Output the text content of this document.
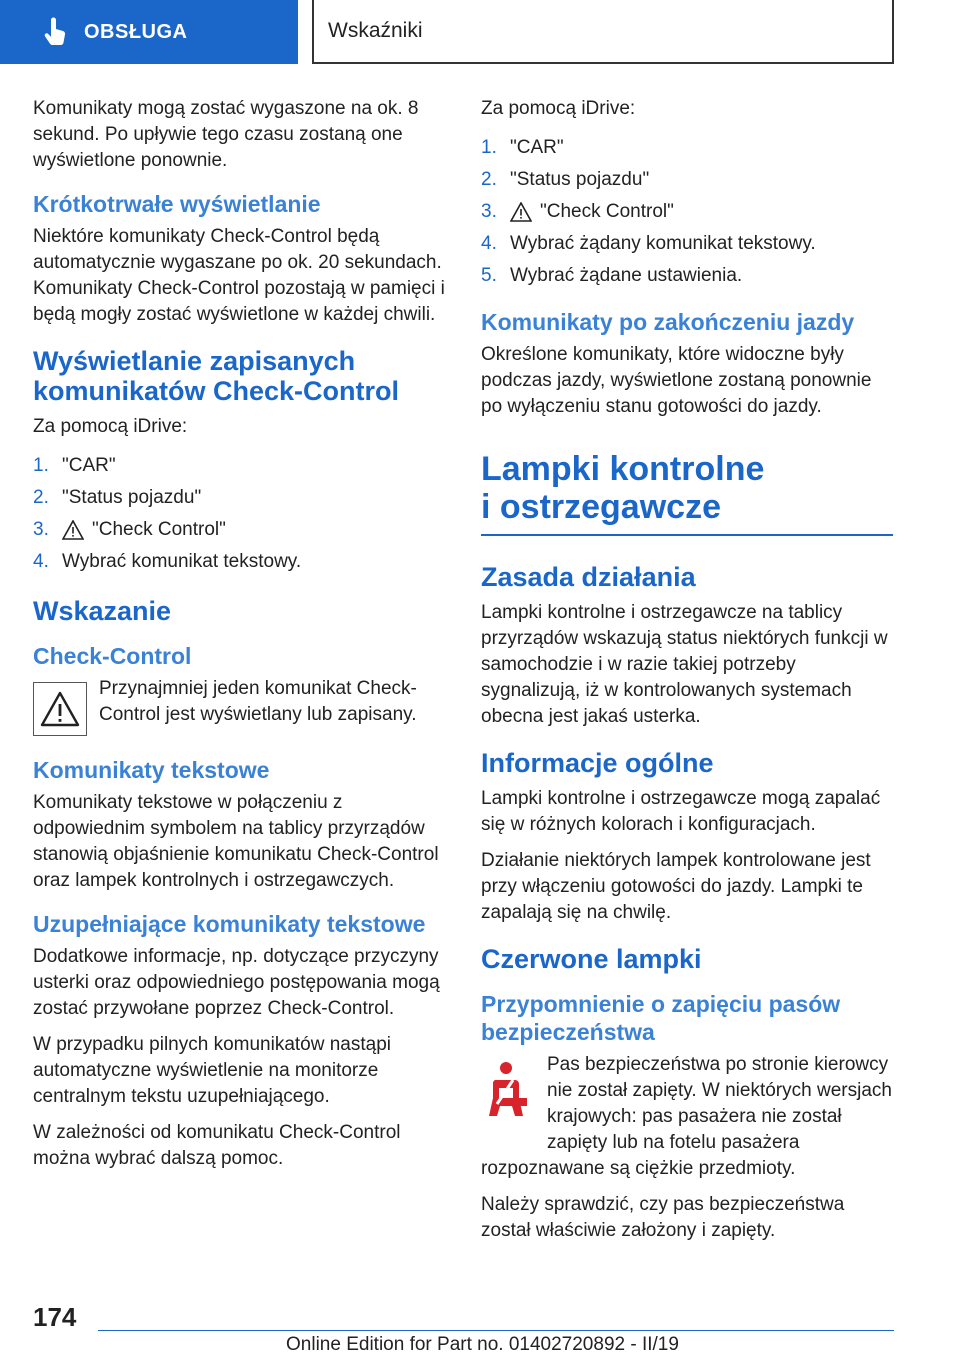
OBSŁUGA	Wskaźniki

Komunikaty mogą zostać wygaszone na ok. 8 sekund. Po upływie tego czasu zostaną one wyświetlone ponownie.

Krótkotrwałe wyświetlanie

Niektóre komunikaty Check-Control będą automatycznie wygaszane po ok. 20 sekundach. Komunikaty Check-Control pozostają w pamięci i będą mogły zostać wyświetlone w każdej chwili.

Wyświetlanie zapisanych komunikatów Check-Control

Za pomocą iDrive:

1. "CAR"
2. "Status pojazdu"
3.	"Check Control"
4. Wybrać komunikat tekstowy.
Wskazanie
Check-Control

Przynajmniej jeden komunikat Check-Control jest wyświetlany lub zapisany.

Komunikaty tekstowe

Komunikaty tekstowe w połączeniu z odpowiednim symbolem na tablicy przyrządów stanowią objaśnienie komunikatu Check-Control oraz lampek kontrolnych i ostrzegawczych.

Uzupełniające komunikaty tekstowe

Dodatkowe informacje, np. dotyczące przyczyny usterki oraz odpowiedniego postępowania mogą zostać przywołane poprzez Check-Control.

W przypadku pilnych komunikatów nastąpi automatyczne wyświetlenie na monitorze centralnym tekstu uzupełniającego.

W zależności od komunikatu Check-Control można wybrać dalszą pomoc.

Za pomocą iDrive:

1. "CAR"
2. "Status pojazdu"
3.	"Check Control"
4. Wybrać żądany komunikat tekstowy.
5. Wybrać żądane ustawienia.
Komunikaty po zakończeniu jazdy

Określone komunikaty, które widoczne były podczas jazdy, wyświetlone zostaną ponownie po wyłączeniu stanu gotowości do jazdy.

Lampki kontrolne
i ostrzegawcze
Zasada działania

Lampki kontrolne i ostrzegawcze na tablicy przyrządów wskazują status niektórych funkcji w samochodzie i w razie takiej potrzeby sygnalizują, iż w kontrolowanych systemach obecna jest jakaś usterka.

Informacje ogólne

Lampki kontrolne i ostrzegawcze mogą zapalać się w różnych kolorach i konfiguracjach.

Działanie niektórych lampek kontrolowane jest przy włączeniu gotowości do jazdy. Lampki te zapalają się na chwilę.

Czerwone lampki
Przypomnienie o zapięciu pasów bezpieczeństwa

Pas bezpieczeństwa po stronie kierowcy nie został zapięty. W niektórych wersjach krajowych: pas pasażera nie został zapięty lub na fotelu pasażera rozpoznawane są ciężkie przedmioty.

Należy sprawdzić, czy pas bezpieczeństwa został właściwie założony i zapięty.

174
Online Edition for Part no. 01402720892 - II/19
